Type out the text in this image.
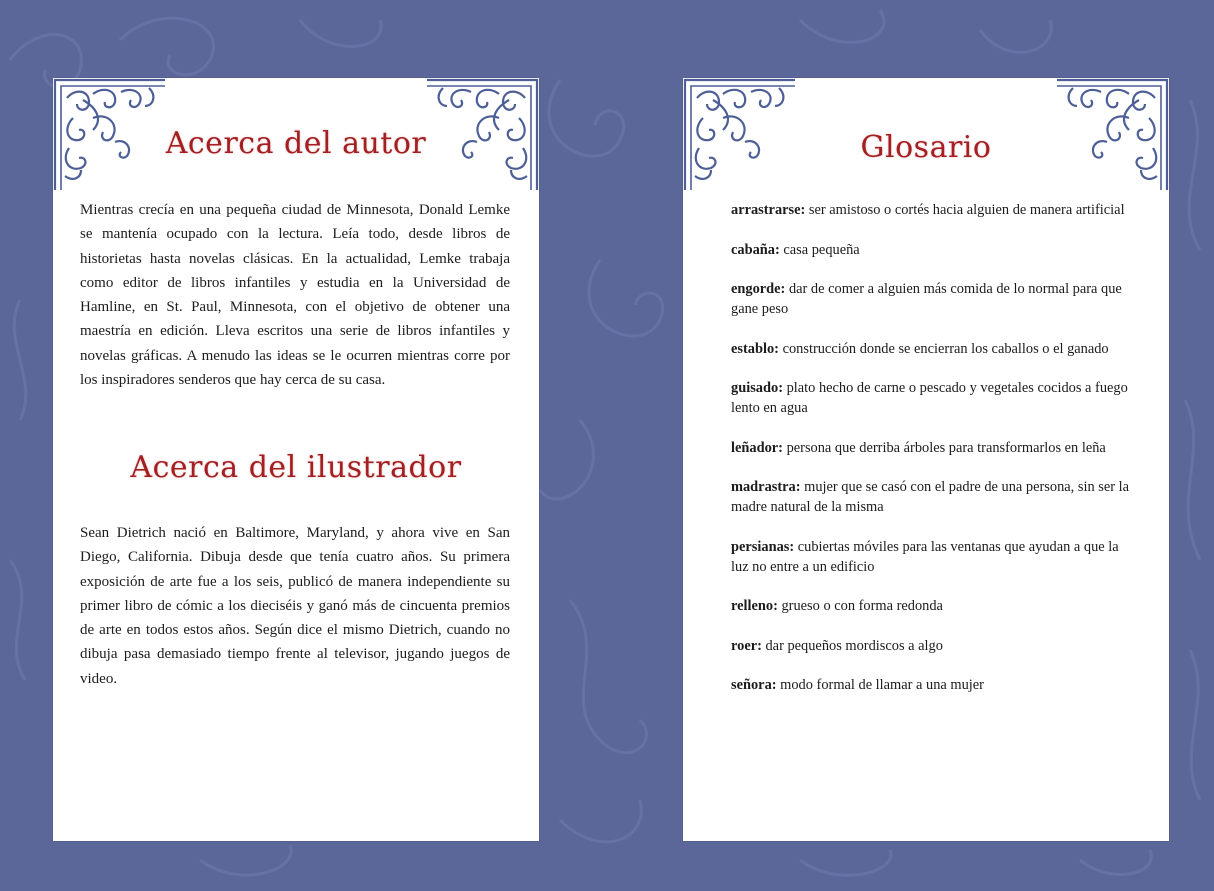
Acerca del autor
Mientras crecía en una pequeña ciudad de Minnesota, Donald Lemke se mantenía ocupado con la lectura. Leía todo, desde libros de historietas hasta novelas clásicas. En la actualidad, Lemke trabaja como editor de libros infantiles y estudia en la Universidad de Hamline, en St. Paul, Minnesota, con el objetivo de obtener una maestría en edición. Lleva escritos una serie de libros infantiles y novelas gráficas. A menudo las ideas se le ocurren mientras corre por los inspiradores senderos que hay cerca de su casa.
Acerca del ilustrador
Sean Dietrich nació en Baltimore, Maryland, y ahora vive en San Diego, California. Dibuja desde que tenía cuatro años. Su primera exposición de arte fue a los seis, publicó de manera independiente su primer libro de cómic a los dieciséis y ganó más de cincuenta premios de arte en todos estos años. Según dice el mismo Dietrich, cuando no dibuja pasa demasiado tiempo frente al televisor, jugando juegos de video.
Glosario
arrastrarse: ser amistoso o cortés hacia alguien de manera artificial
cabaña: casa pequeña
engorde: dar de comer a alguien más comida de lo normal para que gane peso
establo: construcción donde se encierran los caballos o el ganado
guisado: plato hecho de carne o pescado y vegetales cocidos a fuego lento en agua
leñador: persona que derriba árboles para transformarlos en leña
madrastra: mujer que se casó con el padre de una persona, sin ser la madre natural de la misma
persianas: cubiertas móviles para las ventanas que ayudan a que la luz no entre a un edificio
relleno: grueso o con forma redonda
roer: dar pequeños mordiscos a algo
señora: modo formal de llamar a una mujer
